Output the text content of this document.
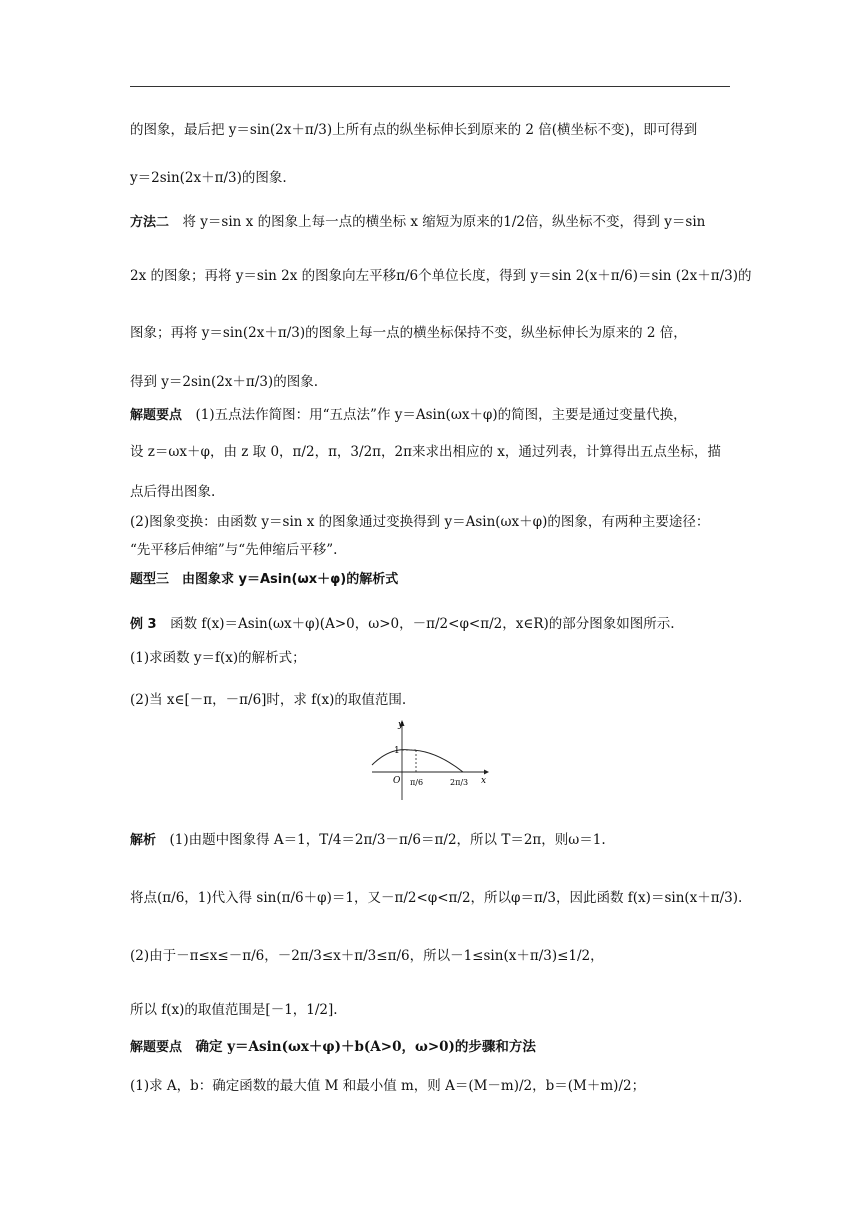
的图象，最后把 y＝sin(2x＋π/3)上所有点的纵坐标伸长到原来的 2 倍(横坐标不变)，即可得到
y＝2sin(2x＋π/3)的图象.
方法二　 将 y＝sin x 的图象上每一点的横坐标 x 缩短为原来的1/2倍，纵坐标不变，得到 y＝sin
2x 的图象；再将 y＝sin 2x 的图象向左平移π/6个单位长度，得到 y＝sin 2(x＋π/6)＝sin (2x＋π/3)的
图象；再将 y＝sin(2x＋π/3)的图象上每一点的横坐标保持不变，纵坐标伸长为原来的 2 倍，
得到 y＝2sin(2x＋π/3)的图象.
解题要点　 (1)五点法作简图：用“五点法”作 y＝Asin(ωx＋φ)的简图，主要是通过变量代换，
设 z＝ωx＋φ，由 z 取 0，π/2，π，3/2π，2π来求出相应的 x，通过列表，计算得出五点坐标，描
点后得出图象.
(2)图象变换：由函数 y＝sin x 的图象通过变换得到 y＝Asin(ωx＋φ)的图象，有两种主要途径：
“先平移后伸缩”与“先伸缩后平移”.
题型三　由图象求 y＝Asin(ωx＋φ)的解析式
例 3　 函数 f(x)＝Asin(ωx＋φ)(A>0，ω>0，－π/2<φ<π/2，x∈R)的部分图象如图所示.
(1)求函数 y＝f(x)的解析式；
(2)当 x∈[－π，－π/6]时，求 f(x)的取值范围.
y
x
O
1
π/6	2π/3
解析　 (1)由题中图象得 A＝1，T/4＝2π/3－π/6＝π/2，所以 T＝2π，则ω＝1.
将点(π/6，1)代入得 sin(π/6＋φ)＝1，又－π/2<φ<π/2，所以φ＝π/3，因此函数 f(x)＝sin(x＋π/3).
(2)由于－π≤x≤－π/6，－2π/3≤x＋π/3≤π/6，所以－1≤sin(x＋π/3)≤1/2，
所以 f(x)的取值范围是[－1，1/2].
解题要点　 确定 y＝Asin(ωx＋φ)＋b(A>0，ω>0)的步骤和方法
(1)求 A，b：确定函数的最大值 M 和最小值 m，则 A＝(M－m)/2，b＝(M＋m)/2；
